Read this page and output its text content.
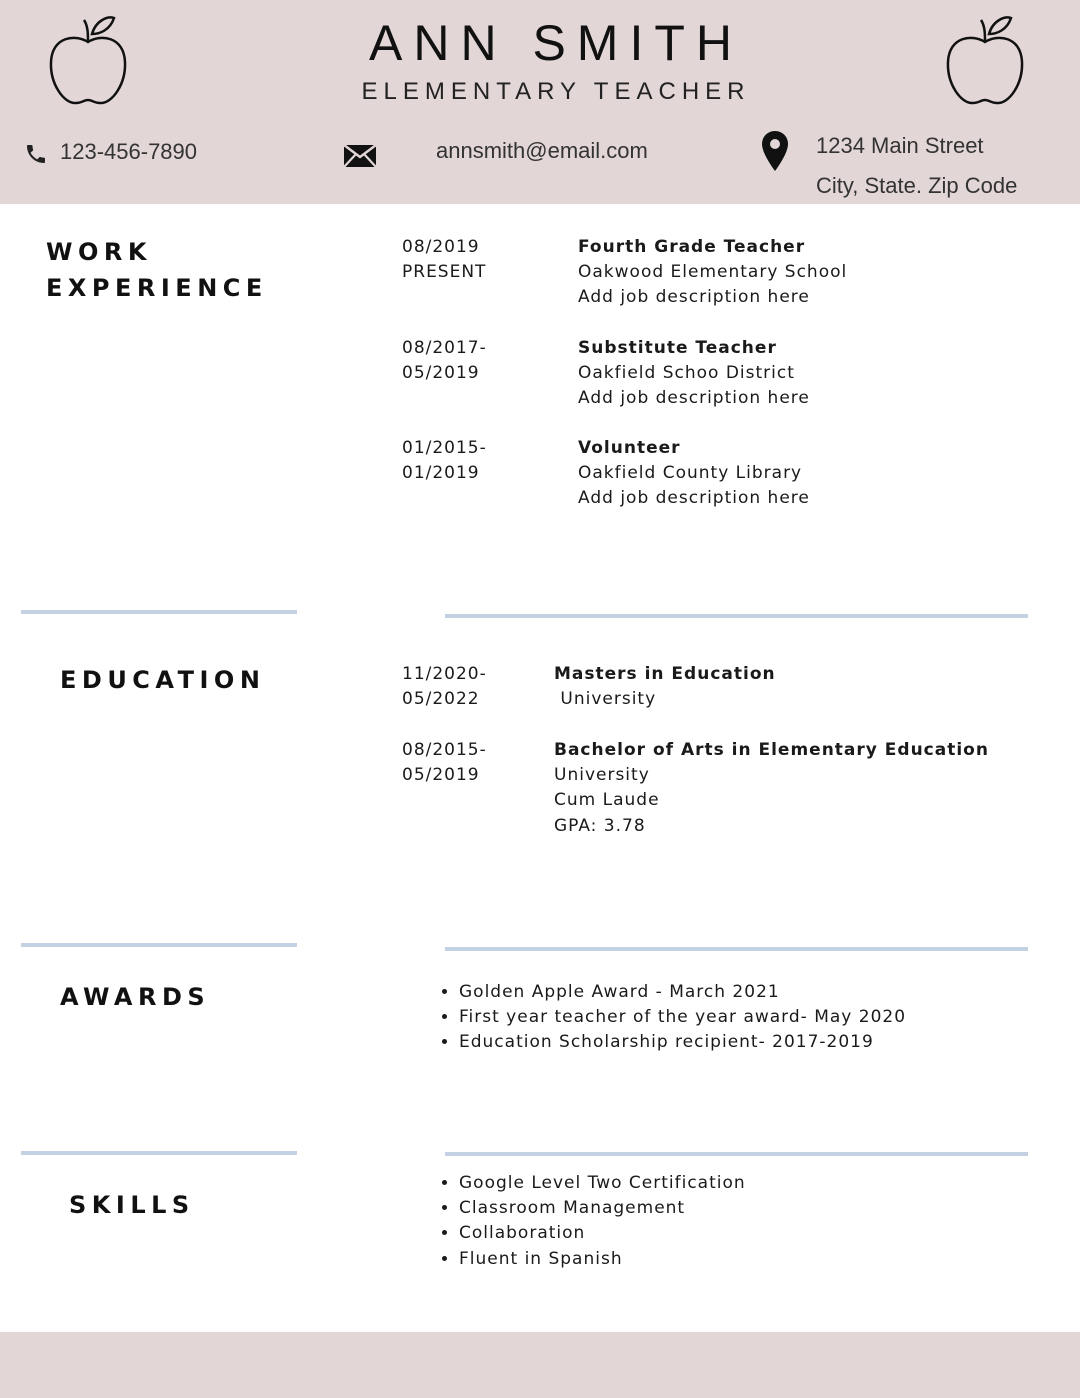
ANN SMITH
ELEMENTARY TEACHER
123-456-7890	annsmith@email.com	1234 Main Street
City, State. Zip Code
WORK
EXPERIENCE
08/2019
PRESENT
Fourth Grade Teacher
Oakwood Elementary School
Add job description here
08/2017-
05/2019
Substitute Teacher
Oakfield Schoo District
Add job description here
01/2015-
01/2019
Volunteer
Oakfield County Library
Add job description here
EDUCATION	11/2020-
05/2022
Masters in Education
University
08/2015-
05/2019
Bachelor of Arts in Elementary Education
University
Cum Laude
GPA: 3.78
AWARDS
•	Golden Apple Award - March 2021
• First year teacher of the year award- May 2020
• Education Scholarship recipient- 2017-2019
SKILLS
• Google Level Two Certification
• Classroom Management
• Collaboration
• Fluent in Spanish
